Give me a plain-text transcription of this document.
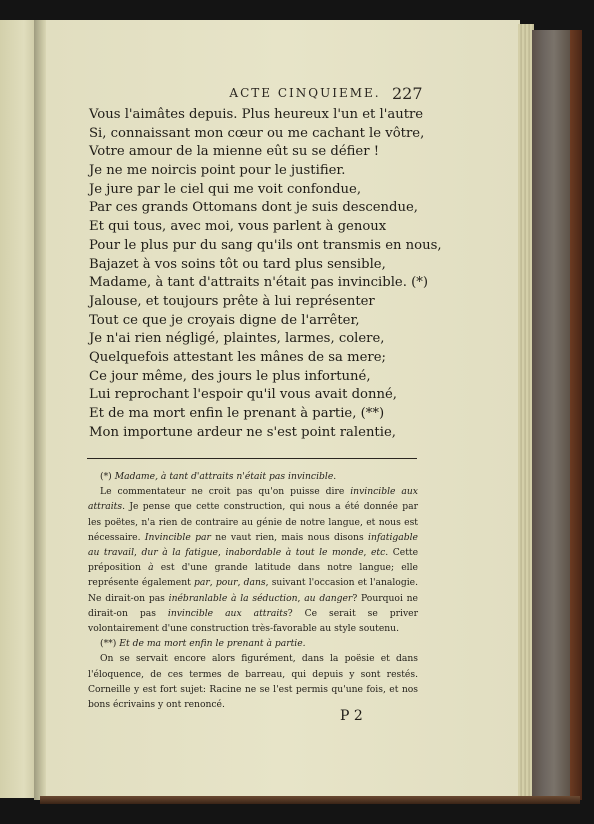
ACTE CINQUIEME. 227
Vous l'aimâtes depuis. Plus heureux l'un et l'autre
Si, connaissant mon cœur ou me cachant le vôtre,
Votre amour de la mienne eût su se défier !
Je ne me noircis point pour le justifier.
Je jure par le ciel qui me voit confondue,
Par ces grands Ottomans dont je suis descendue,
Et qui tous, avec moi, vous parlent à genoux
Pour le plus pur du sang qu'ils ont transmis en nous,
Bajazet à vos soins tôt ou tard plus sensible,
Madame, à tant d'attraits n'était pas invincible. (*)
Jalouse, et toujours prête à lui représenter
Tout ce que je croyais digne de l'arrêter,
Je n'ai rien négligé, plaintes, larmes, colere,
Quelquefois attestant les mânes de sa mere;
Ce jour même, des jours le plus infortuné,
Lui reprochant l'espoir qu'il vous avait donné,
Et de ma mort enfin le prenant à partie, (**)
Mon importune ardeur ne s'est point ralentie,

(*) Madame, à tant d'attraits n'était pas invincible.

Le commentateur ne croit pas qu'on puisse dire invincible aux attraits. Je pense que cette construction, qui nous a été donnée par les poëtes, n'a rien de contraire au génie de notre langue, et nous est nécessaire. Invincible par ne vaut rien, mais nous disons infatigable au travail, dur à la fatigue, inabordable à tout le monde, etc. Cette préposition à est d'une grande latitude dans notre langue; elle représente également par, pour, dans, suivant l'occasion et l'analogie. Ne dirait-on pas inébranlable à la séduction, au danger? Pourquoi ne dirait-on pas invincible aux attraits? Ce serait se priver volontairement d'une construction très-favorable au style soutenu.

(**) Et de ma mort enfin le prenant à partie.

On se servait encore alors figurément, dans la poësie et dans l'éloquence, de ces termes de barreau, qui depuis y sont restés. Corneille y est fort sujet: Racine ne se l'est permis qu'une fois, et nos bons écrivains y ont renoncé.

P 2
